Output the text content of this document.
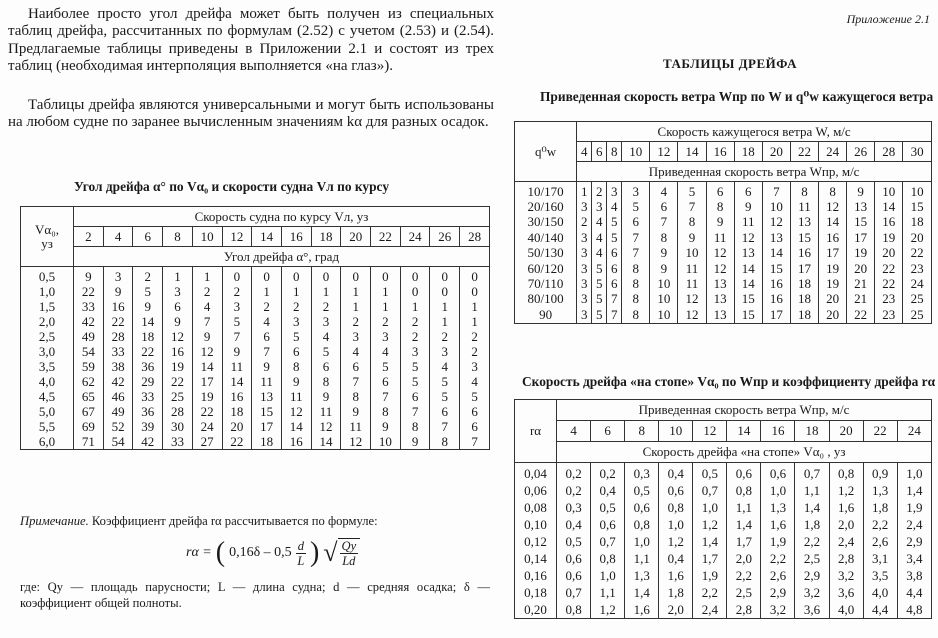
Наиболее просто угол дрейфа может быть получен из специальных таблиц дрейфа, рассчитанных по формулам (2.52) с учетом (2.53) и (2.54). Предлагаемые таблицы приведены в Приложении 2.1 и состоят из трех таблиц (необходимая интерполяция выполняется «на глаз»).

Таблицы дрейфа являются универсальными и могут быть использованы на любом судне по заранее вычисленным значениям kα для разных осадок.

Угол дрейфа α° по Vα₀ и скорости судна Vл по курсу
Vα₀,
уз	Скорость судна по курсу Vл, уз													
	2	4	6	8	10	12	14	16	18	20	22	24	26	28
	Угол дрейфа α°, град													
0,5	9	3	2	1	1	0	0	0	0	0	0	0	0	0
1,0	22	9	5	3	2	2	1	1	1	1	1	0	0	0
1,5	33	16	9	6	4	3	2	2	2	1	1	1	1	1
2,0	42	22	14	9	7	5	4	3	3	2	2	2	1	1
2,5	49	28	18	12	9	7	6	5	4	3	3	2	2	2
3,0	54	33	22	16	12	9	7	6	5	4	4	3	3	2
3,5	59	38	36	19	14	11	9	8	6	6	5	5	4	3
4,0	62	42	29	22	17	14	11	9	8	7	6	5	5	4
4,5	65	46	33	25	19	16	13	11	9	8	7	6	5	5
5,0	67	49	36	28	22	18	15	12	11	9	8	7	6	6
5,5	69	52	39	30	24	20	17	14	12	11	9	8	7	6
6,0	71	54	42	33	27	22	18	16	14	12	10	9	8	7
Примечание. Коэффициент дрейфа rα рассчитывается по формуле:
rα = ( $0,16\delta - 0,5 \frac{d}{L}$ ) √ $\frac{Qy}{Ld}$
где: Qy — площадь парусности; L — длина судна; d — средняя осадка; δ — коэффициент общей полноты.
Приложение 2.1
ТАБЛИЦЫ ДРЕЙФА
Приведенная скорость ветра Wпр по W и q⁰w кажущегося ветра
q⁰w	Скорость кажущегося ветра W, м/с													
	4	6	8	10	12	14	16	18	20	22	24	26	28	30
	Приведенная скорость ветра Wпр, м/с													
10/170	1	2	3	3	4	5	6	6	7	8	8	9	10	10
20/160	3	3	4	5	6	7	8	9	10	11	12	13	14	15
30/150	2	4	5	6	7	8	9	11	12	13	14	15	16	18
40/140	3	4	5	7	8	9	11	12	13	15	16	17	19	20
50/130	3	4	6	7	9	10	12	13	14	16	17	19	20	22
60/120	3	5	6	8	9	11	12	14	15	17	19	20	22	23
70/110	3	5	6	8	10	11	13	14	16	18	19	21	22	24
80/100	3	5	7	8	10	12	13	15	16	18	20	21	23	25
90	3	5	7	8	10	12	13	15	17	18	20	22	23	25
Скорость дрейфа «на стопе» Vα₀ по Wпр и коэффициенту дрейфа rα
rα	Приведенная скорость ветра Wпр, м/с										
	4	6	8	10	12	14	16	18	20	22	24
	Скорость дрейфа «на стопе» Vα₀ , уз										
0,04	0,2	0,2	0,3	0,4	0,5	0,6	0,6	0,7	0,8	0,9	1,0
0,06	0,2	0,4	0,5	0,6	0,7	0,8	1,0	1,1	1,2	1,3	1,4
0,08	0,3	0,5	0,6	0,8	1,0	1,1	1,3	1,4	1,6	1,8	1,9
0,10	0,4	0,6	0,8	1,0	1,2	1,4	1,6	1,8	2,0	2,2	2,4
0,12	0,5	0,7	1,0	1,2	1,4	1,7	1,9	2,2	2,4	2,6	2,9
0,14	0,6	0,8	1,1	0,4	1,7	2,0	2,2	2,5	2,8	3,1	3,4
0,16	0,6	1,0	1,3	1,6	1,9	2,2	2,6	2,9	3,2	3,5	3,8
0,18	0,7	1,1	1,4	1,8	2,2	2,5	2,9	3,2	3,6	4,0	4,4
0,20	0,8	1,2	1,6	2,0	2,4	2,8	3,2	3,6	4,0	4,4	4,8
